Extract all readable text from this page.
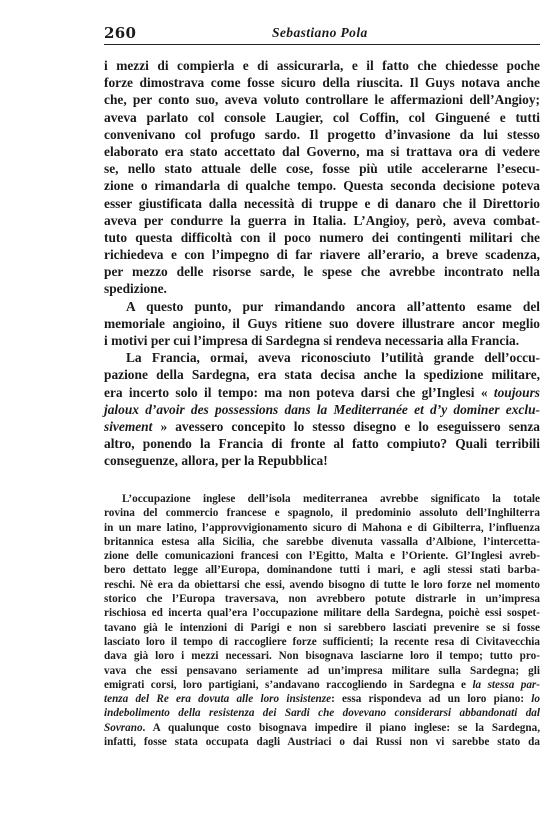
260	Sebastiano Pola
i mezzi di compierla e di assicurarla, e il fatto che chiedesse poche
forze dimostrava come fosse sicuro della riuscita. Il Guys notava anche
che, per conto suo, aveva voluto controllare le affermazioni dell’Angioy;
aveva parlato col console Laugier, col Coffin, col Ginguené e tutti
convenivano col profugo sardo. Il progetto d’invasione da lui stesso
elaborato era stato accettato dal Governo, ma si trattava ora di vedere
se, nello stato attuale delle cose, fosse più utile accelerarne l’esecu-
zione o rimandarla di qualche tempo. Questa seconda decisione poteva
esser giustificata dalla necessità di truppe e di danaro che il Direttorio
aveva per condurre la guerra in Italia. L’Angioy, però, aveva combat-
tuto questa difficoltà con il poco numero dei contingenti militari che
richiedeva e con l’impegno di far riavere all’erario, a breve scadenza,
per mezzo delle risorse sarde, le spese che avrebbe incontrato nella
spedizione.
A questo punto, pur rimandando ancora all’attento esame del
memoriale angioino, il Guys ritiene suo dovere illustrare ancor meglio
i motivi per cui l’impresa di Sardegna si rendeva necessaria alla Francia.
La Francia, ormai, aveva riconosciuto l’utilità grande dell’occu-
pazione della Sardegna, era stata decisa anche la spedizione militare,
era incerto solo il tempo: ma non poteva darsi che gl’Inglesi « toujours
jaloux d’avoir des possessions dans la Mediterranée et d’y dominer exclu-
sivement » avessero concepito lo stesso disegno e lo eseguissero senza
altro, ponendo la Francia di fronte al fatto compiuto? Quali terribili
conseguenze, allora, per la Repubblica!
L’occupazione inglese dell’isola mediterranea avrebbe significato la totale
rovina del commercio francese e spagnolo, il predominio assoluto dell’Inghilterra
in un mare latino, l’approvvigionamento sicuro di Mahona e di Gibilterra, l’influenza
britannica estesa alla Sicilia, che sarebbe divenuta vassalla d’Albione, l’intercetta-
zione delle comunicazioni francesi con l’Egitto, Malta e l’Oriente. Gl’Inglesi avreb-
bero dettato legge all’Europa, dominandone tutti i mari, e agli stessi stati barba-
reschi. Nè era da obiettarsi che essi, avendo bisogno di tutte le loro forze nel momento
storico che l’Europa traversava, non avrebbero potute distrarle in un’impresa
rischiosa ed incerta qual’era l’occupazione militare della Sardegna, poichè essi sospet-
tavano già le intenzioni di Parigi e non si sarebbero lasciati prevenire se si fosse
lasciato loro il tempo di raccogliere forze sufficienti; la recente resa di Civitavecchia
dava già loro i mezzi necessari. Non bisognava lasciarne loro il tempo; tutto pro-
vava che essi pensavano seriamente ad un’impresa militare sulla Sardegna; gli
emigrati corsi, loro partigiani, s’andavano raccogliendo in Sardegna e la stessa par-
tenza del Re era dovuta alle loro insistenze: essa rispondeva ad un loro piano: lo
indebolimento della resistenza dei Sardi che dovevano considerarsi abbandonati dal
Sovrano. A qualunque costo bisognava impedire il piano inglese: se la Sardegna,
infatti, fosse stata occupata dagli Austriaci o dai Russi non vi sarebbe stato da
